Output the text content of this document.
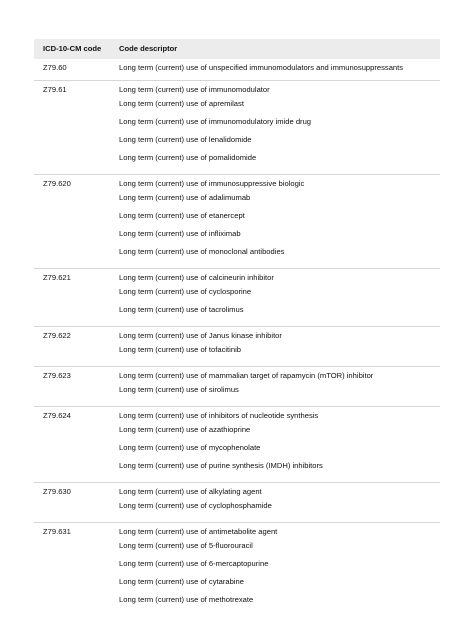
ICD-10-CM code	Code descriptor
Z79.60	Long term (current) use of unspecified immunomodulators and immunosuppressants
Z79.61	Long term (current) use of immunomodulator
	Long term (current) use of apremilast
	Long term (current) use of immunomodulatory imide drug
	Long term (current) use of lenalidomide
	Long term (current) use of pomalidomide
Z79.620	Long term (current) use of immunosuppressive biologic
	Long term (current) use of adalimumab
	Long term (current) use of etanercept
	Long term (current) use of infliximab
	Long term (current) use of monoclonal antibodies
Z79.621	Long term (current) use of calcineurin inhibitor
	Long term (current) use of cyclosporine
	Long term (current) use of tacrolimus
Z79.622	Long term (current) use of Janus kinase inhibitor
	Long term (current) use of tofacitinib
Z79.623	Long term (current) use of mammalian target of rapamycin (mTOR) inhibitor
	Long term (current) use of sirolimus
Z79.624	Long term (current) use of inhibitors of nucleotide synthesis
	Long term (current) use of azathioprine
	Long term (current) use of mycophenolate
	Long term (current) use of purine synthesis (IMDH) inhibitors
Z79.630	Long term (current) use of alkylating agent
	Long term (current) use of cyclophosphamide
Z79.631	Long term (current) use of antimetabolite agent
	Long term (current) use of 5-fluorouracil
	Long term (current) use of 6-mercaptopurine
	Long term (current) use of cytarabine
	Long term (current) use of methotrexate
